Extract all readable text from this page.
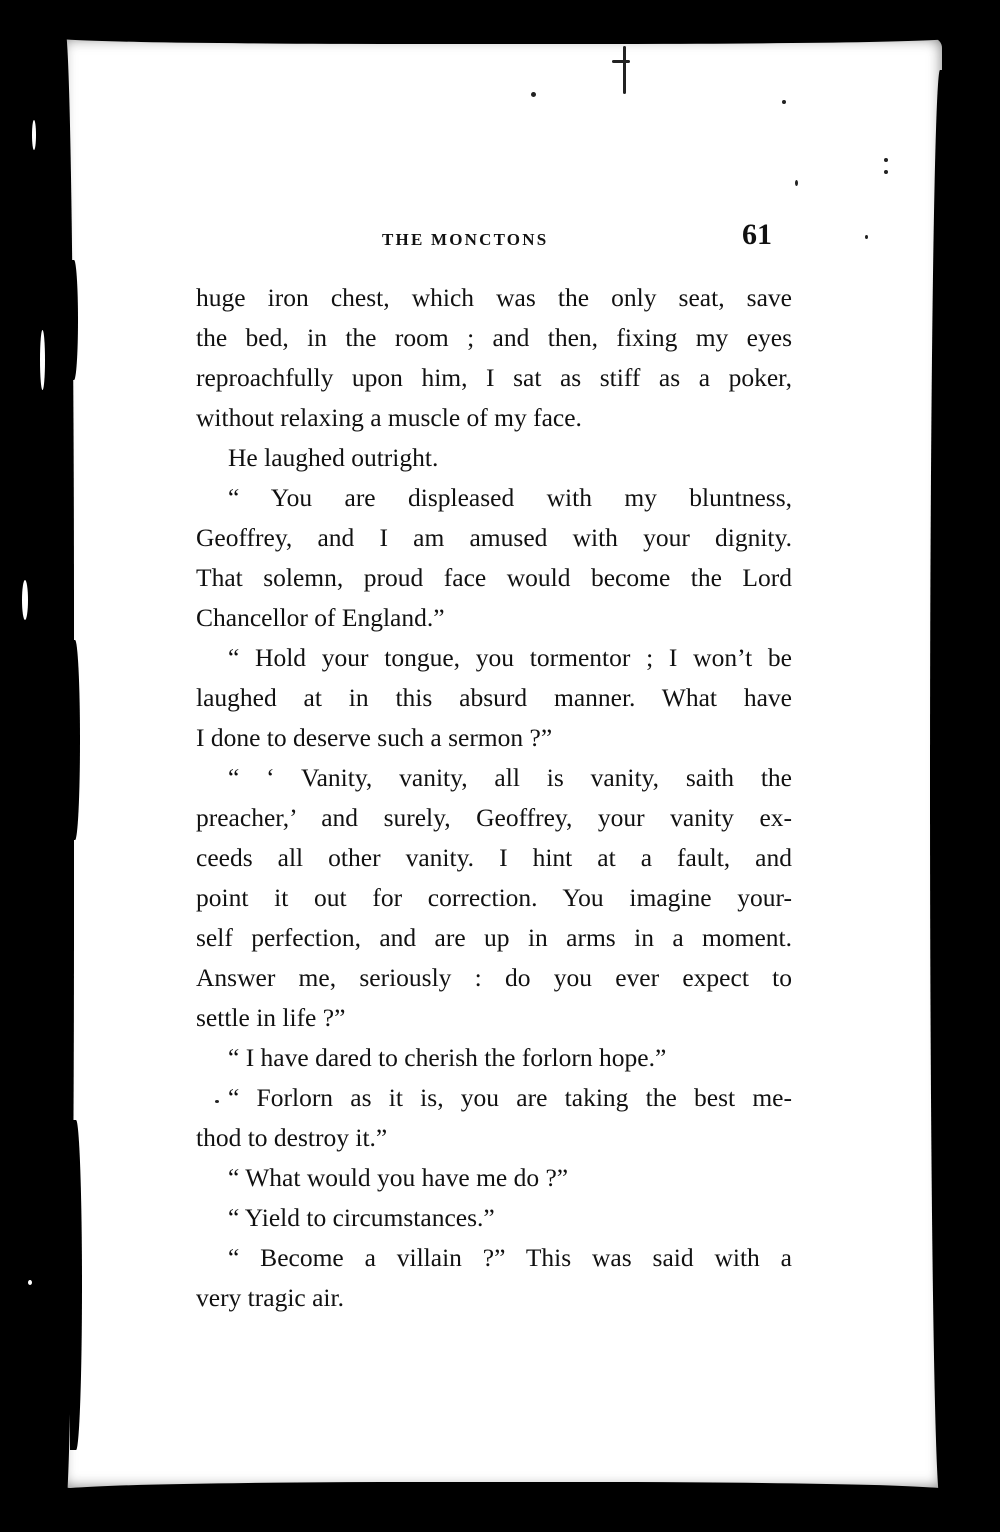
THE MONCTONS	61
huge iron chest, which was the only seat, save
the bed, in the room ; and then, fixing my eyes
reproachfully upon him, I sat as stiff as a poker,
without relaxing a muscle of my face.
He laughed outright.
“ You are displeased with my bluntness,
Geoffrey, and I am amused with your dignity.
That solemn, proud face would become the Lord
Chancellor of England.”
“ Hold your tongue, you tormentor ; I won’t be
laughed at in this absurd manner. What have
I done to deserve such a sermon ?”
“ ‘ Vanity, vanity, all is vanity, saith the
preacher,’ and surely, Geoffrey, your vanity ex-
ceeds all other vanity. I hint at a fault, and
point it out for correction. You imagine your-
self perfection, and are up in arms in a moment.
Answer me, seriously : do you ever expect to
settle in life ?”
“ I have dared to cherish the forlorn hope.”
“ Forlorn as it is, you are taking the best me-
thod to destroy it.”
“ What would you have me do ?”
“ Yield to circumstances.”
“ Become a villain ?” This was said with a
very tragic air.
